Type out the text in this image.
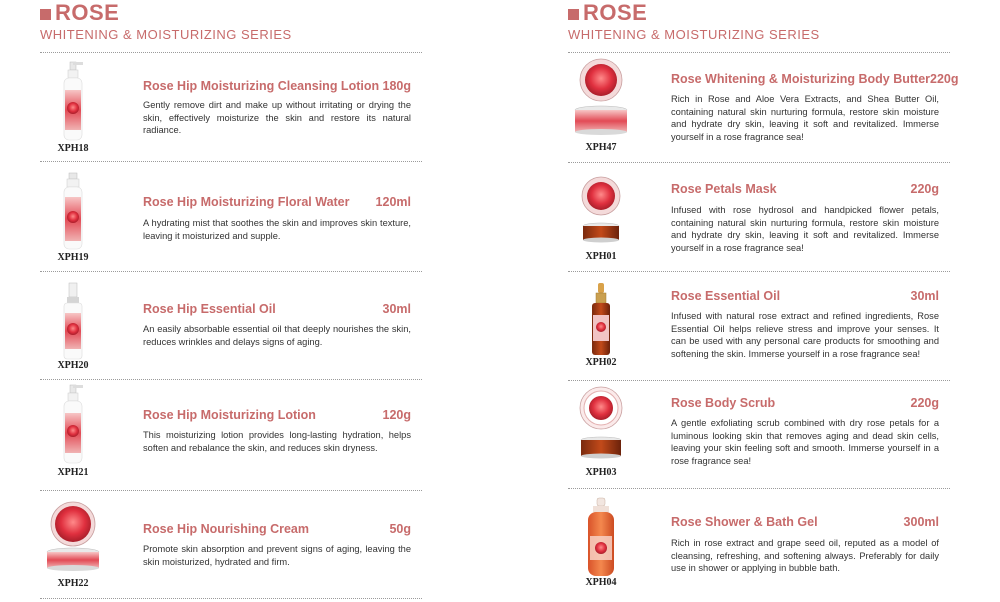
ROSE
WHITENING & MOISTURIZING SERIES
XPH18
Rose Hip Moisturizing Cleansing Lotion 180g
Gently remove dirt and make up without irritating or drying the skin, effectively moisturize the skin and restore its natural radiance.
XPH19
Rose Hip Moisturizing Floral Water 120ml
A hydrating mist that soothes the skin and improves skin texture, leaving it moisturized and supple.
XPH20
Rose Hip Essential Oil	30ml
An easily absorbable essential oil that deeply nourishes the skin, reduces wrinkles and delays signs of aging.
XPH21
Rose Hip Moisturizing Lotion	120g
This moisturizing lotion provides long-lasting hydration, helps soften and rebalance the skin, and reduces skin dryness.
XPH22
Rose Hip Nourishing Cream	50g
Promote skin absorption and prevent signs of aging, leaving the skin moisturized, hydrated and firm.
ROSE
WHITENING & MOISTURIZING SERIES
XPH47
Rose Whitening & Moisturizing Body Butter 220g
Rich in Rose and Aloe Vera Extracts, and Shea Butter Oil, containing natural skin nurturing formula, restore skin moisture and hydrate dry skin, leaving it soft and revitalized. Immerse yourself in a rose fragrance sea!
XPH01
Rose Petals Mask	220g
Infused with rose hydrosol and handpicked flower petals, containing natural skin nurturing formula, restore skin moisture and hydrate dry skin, leaving it soft and revitalized. Immerse yourself in a rose fragrance sea!
XPH02
Rose Essential Oil	30ml
Infused with natural rose extract and refined ingredients, Rose Essential Oil helps relieve stress and improve your senses. It can be used with any personal care products for smoothing and softening the skin. Immerse yourself in a rose fragrance sea!
XPH03
Rose Body Scrub	220g
A gentle exfoliating scrub combined with dry rose petals for a luminous looking skin that removes aging and dead skin cells, leaving your skin feeling soft and smooth. Immerse yourself in a rose fragrance sea!
XPH04
Rose Shower & Bath Gel	300ml
Rich in rose extract and grape seed oil, reputed as a model of cleansing, refreshing, and softening always. Preferably for daily use in shower or applying in bubble bath.
